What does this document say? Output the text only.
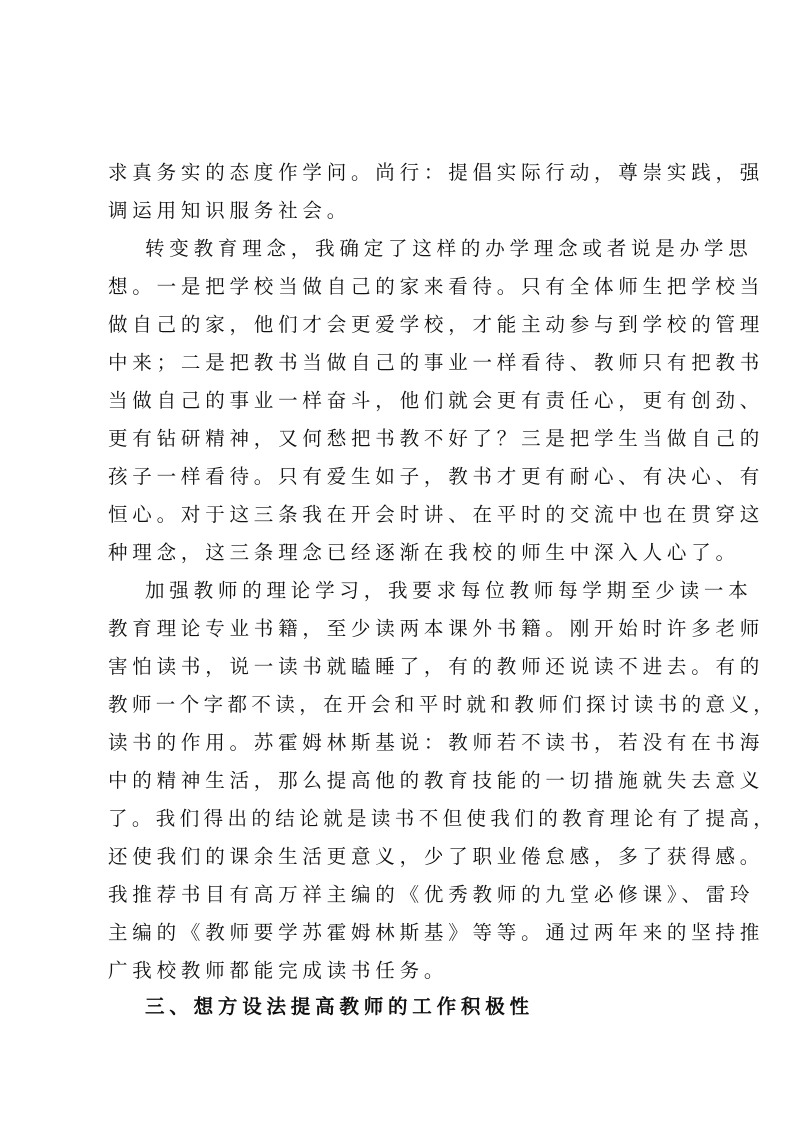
求真务实的态度作学问。尚行：提倡实际行动，尊崇实践，强
调运用知识服务社会。
转变教育理念，我确定了这样的办学理念或者说是办学思
想。一是把学校当做自己的家来看待。只有全体师生把学校当
做自己的家，他们才会更爱学校，才能主动参与到学校的管理
中来；二是把教书当做自己的事业一样看待、教师只有把教书
当做自己的事业一样奋斗，他们就会更有责任心，更有创劲、
更有钻研精神，又何愁把书教不好了？三是把学生当做自己的
孩子一样看待。只有爱生如子，教书才更有耐心、有决心、有
恒心。对于这三条我在开会时讲、在平时的交流中也在贯穿这
种理念，这三条理念已经逐渐在我校的师生中深入人心了。
加强教师的理论学习，我要求每位教师每学期至少读一本
教育理论专业书籍，至少读两本课外书籍。刚开始时许多老师
害怕读书，说一读书就瞌睡了，有的教师还说读不进去。有的
教师一个字都不读，在开会和平时就和教师们探讨读书的意义，
读书的作用。苏霍姆林斯基说：教师若不读书，若没有在书海
中的精神生活，那么提高他的教育技能的一切措施就失去意义
了。我们得出的结论就是读书不但使我们的教育理论有了提高，
还使我们的课余生活更意义，少了职业倦怠感，多了获得感。
我推荐书目有高万祥主编的《优秀教师的九堂必修课》、雷玲
主编的《教师要学苏霍姆林斯基》等等。通过两年来的坚持推
广我校教师都能完成读书任务。
三、想方设法提高教师的工作积极性
